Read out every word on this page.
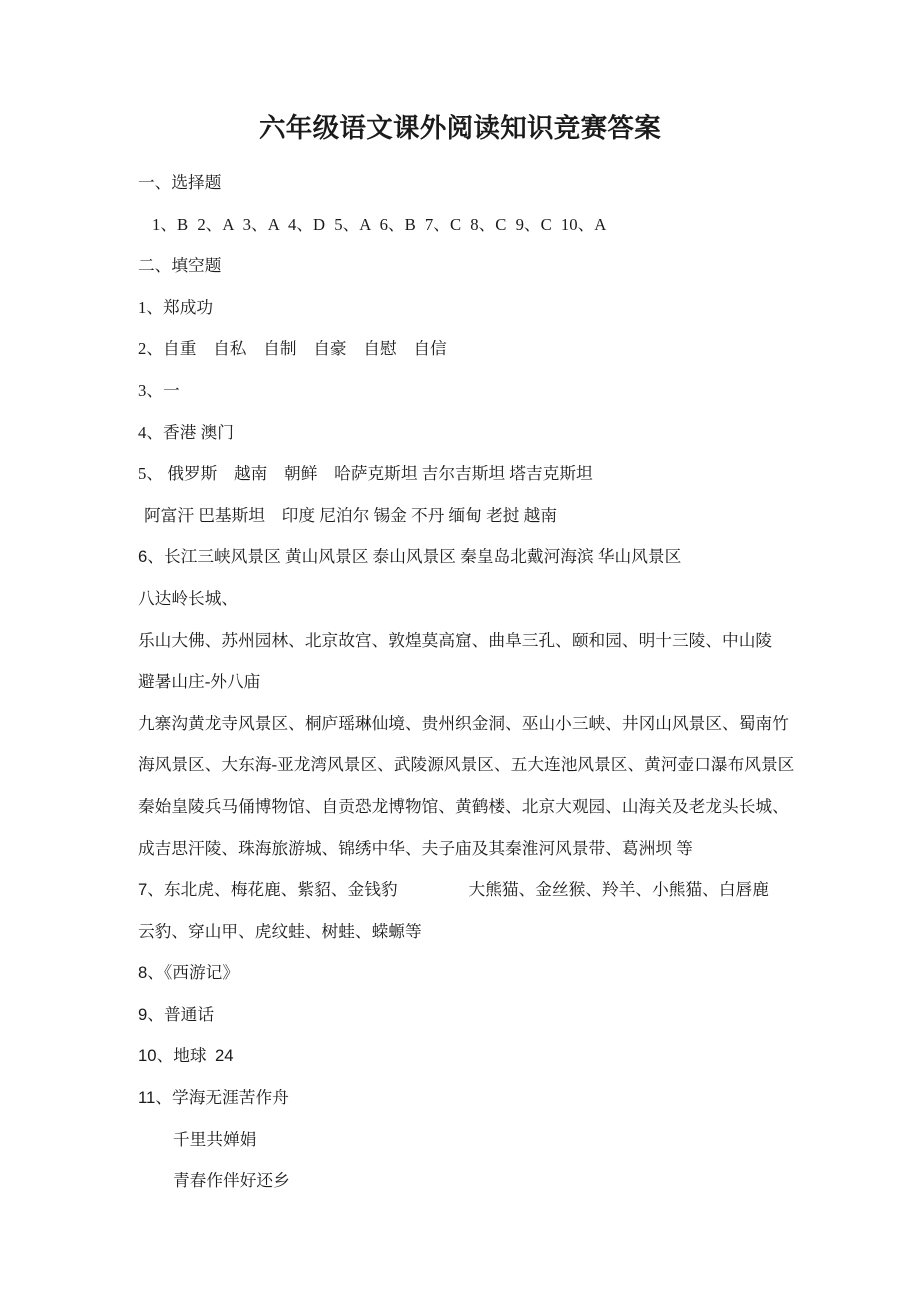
六年级语文课外阅读知识竞赛答案

一、选择题

1、B 2、A 3、A 4、D 5、A 6、B 7、C 8、C 9、C 10、A

二、填空题

1、郑成功

2、自重　自私　自制　自豪　自慰　自信

3、一

4、香港 澳门

5、 俄罗斯　越南　朝鲜　哈萨克斯坦 吉尔吉斯坦 塔吉克斯坦

阿富汗 巴基斯坦　印度 尼泊尔 锡金 不丹 缅甸 老挝 越南

6、长江三峡风景区 黄山风景区 泰山风景区 秦皇岛北戴河海滨 华山风景区

八达岭长城、

乐山大佛、苏州园林、北京故宫、敦煌莫高窟、曲阜三孔、颐和园、明十三陵、中山陵

避暑山庄-外八庙

九寨沟黄龙寺风景区、桐庐瑶琳仙境、贵州织金洞、巫山小三峡、井冈山风景区、蜀南竹

海风景区、大东海-亚龙湾风景区、武陵源风景区、五大连池风景区、黄河壶口瀑布风景区

秦始皇陵兵马俑博物馆、自贡恐龙博物馆、黄鹤楼、北京大观园、山海关及老龙头长城、

成吉思汗陵、珠海旅游城、锦绣中华、夫子庙及其秦淮河风景带、葛洲坝 等

7、东北虎、梅花鹿、紫貂、金钱豹　　　　 大熊猫、金丝猴、羚羊、小熊猫、白唇鹿

云豹、穿山甲、虎纹蛙、树蛙、蝾螈等

8、《西游记》

9、普通话

10、地球  24

11、学海无涯苦作舟

千里共婵娟

青春作伴好还乡
